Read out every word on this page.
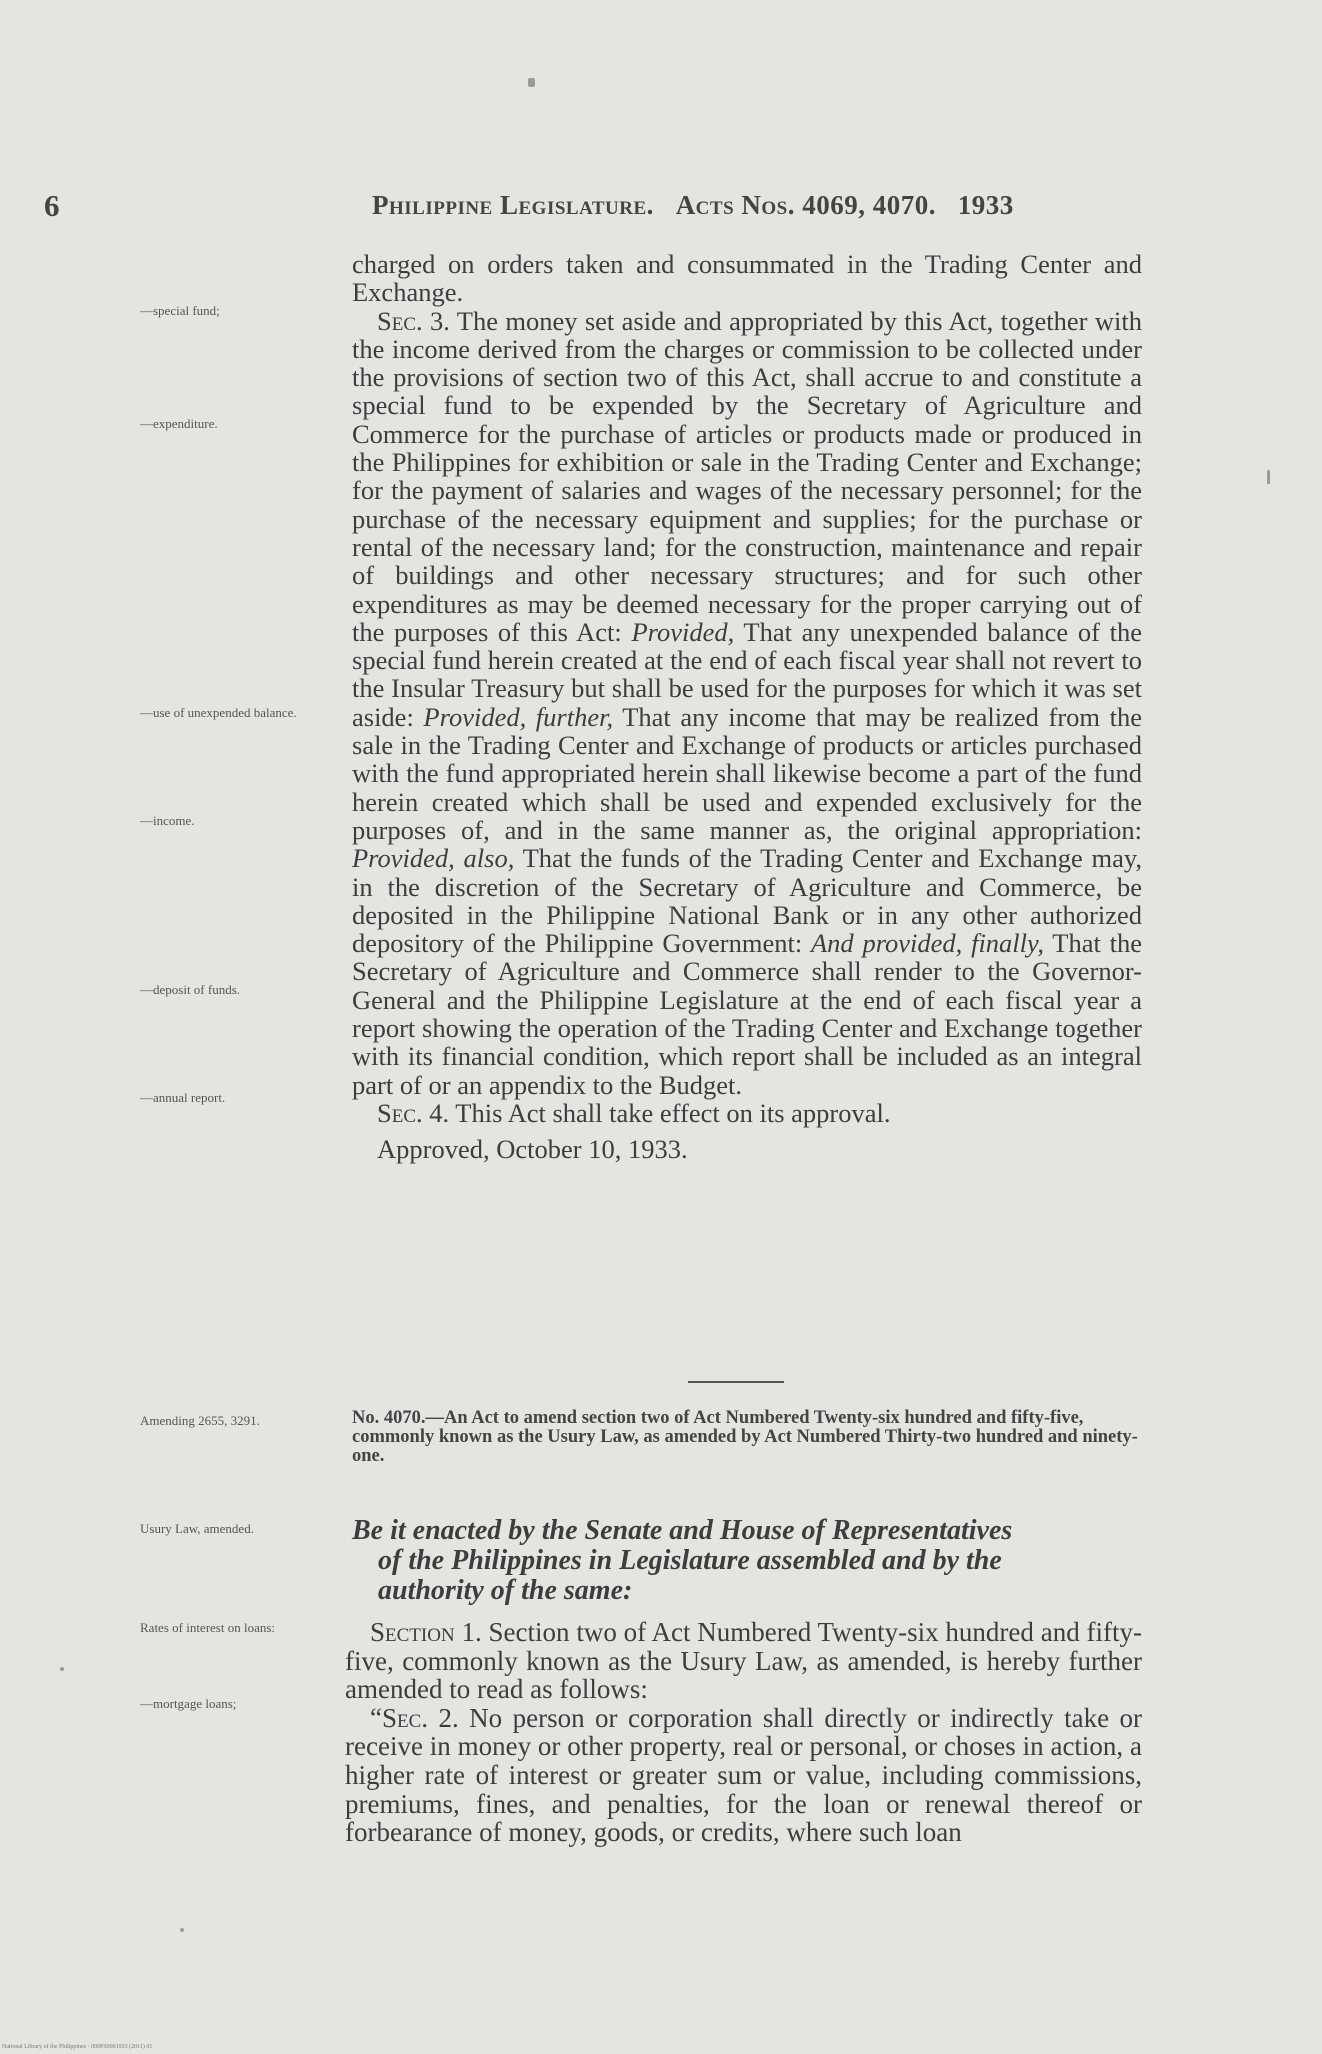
6	Philippine Legislature. Acts Nos. 4069, 4070. 1933
—special fund;
—expenditure.
—use of unexpended balance.
—income.
—deposit of funds.
—annual report.
Amending 2655, 3291.
Usury Law, amended.
Rates of interest on loans:
—mortgage loans;

charged on orders taken and consummated in the Trading Center and Exchange.

Sec. 3. The money set aside and appropriated by this Act, together with the income derived from the charges or commission to be collected under the provisions of section two of this Act, shall accrue to and constitute a special fund to be expended by the Secretary of Agriculture and Commerce for the purchase of articles or products made or produced in the Philippines for exhibition or sale in the Trading Center and Exchange; for the payment of salaries and wages of the necessary personnel; for the purchase of the necessary equipment and supplies; for the purchase or rental of the necessary land; for the construction, maintenance and repair of buildings and other necessary structures; and for such other expenditures as may be deemed necessary for the proper carrying out of the purposes of this Act: Provided, That any unexpended balance of the special fund herein created at the end of each fiscal year shall not revert to the Insular Treasury but shall be used for the purposes for which it was set aside: Provided, further, That any income that may be realized from the sale in the Trading Center and Exchange of products or articles purchased with the fund appropriated herein shall likewise become a part of the fund herein created which shall be used and expended exclusively for the purposes of, and in the same manner as, the original appropriation: Provided, also, That the funds of the Trading Center and Exchange may, in the discretion of the Secretary of Agriculture and Commerce, be deposited in the Philippine National Bank or in any other authorized depository of the Philippine Government: And provided, finally, That the Secretary of Agriculture and Commerce shall render to the Governor-General and the Philippine Legislature at the end of each fiscal year a report showing the operation of the Trading Center and Exchange together with its financial condition, which report shall be included as an integral part of or an appendix to the Budget.

Sec. 4. This Act shall take effect on its approval.

Approved, October 10, 1933.

No. 4070.—An Act to amend section two of Act Numbered Twenty-six hundred and fifty-five, commonly known as the Usury Law, as amended by Act Numbered Thirty-two hundred and ninety-one.
Be it enacted by the Senate and House of Representatives
of the Philippines in Legislature assembled and by the
authority of the same:

Section 1. Section two of Act Numbered Twenty-six hundred and fifty-five, commonly known as the Usury Law, as amended, is hereby further amended to read as follows:

“Sec. 2. No person or corporation shall directly or indirectly take or receive in money or other property, real or personal, or choses in action, a higher rate of interest or greater sum or value, including commissions, premiums, fines, and penalties, for the loan or renewal thereof or forbearance of money, goods, or credits, where such loan

National Library of the Philippines · 000PS0001933 (2011) 01
